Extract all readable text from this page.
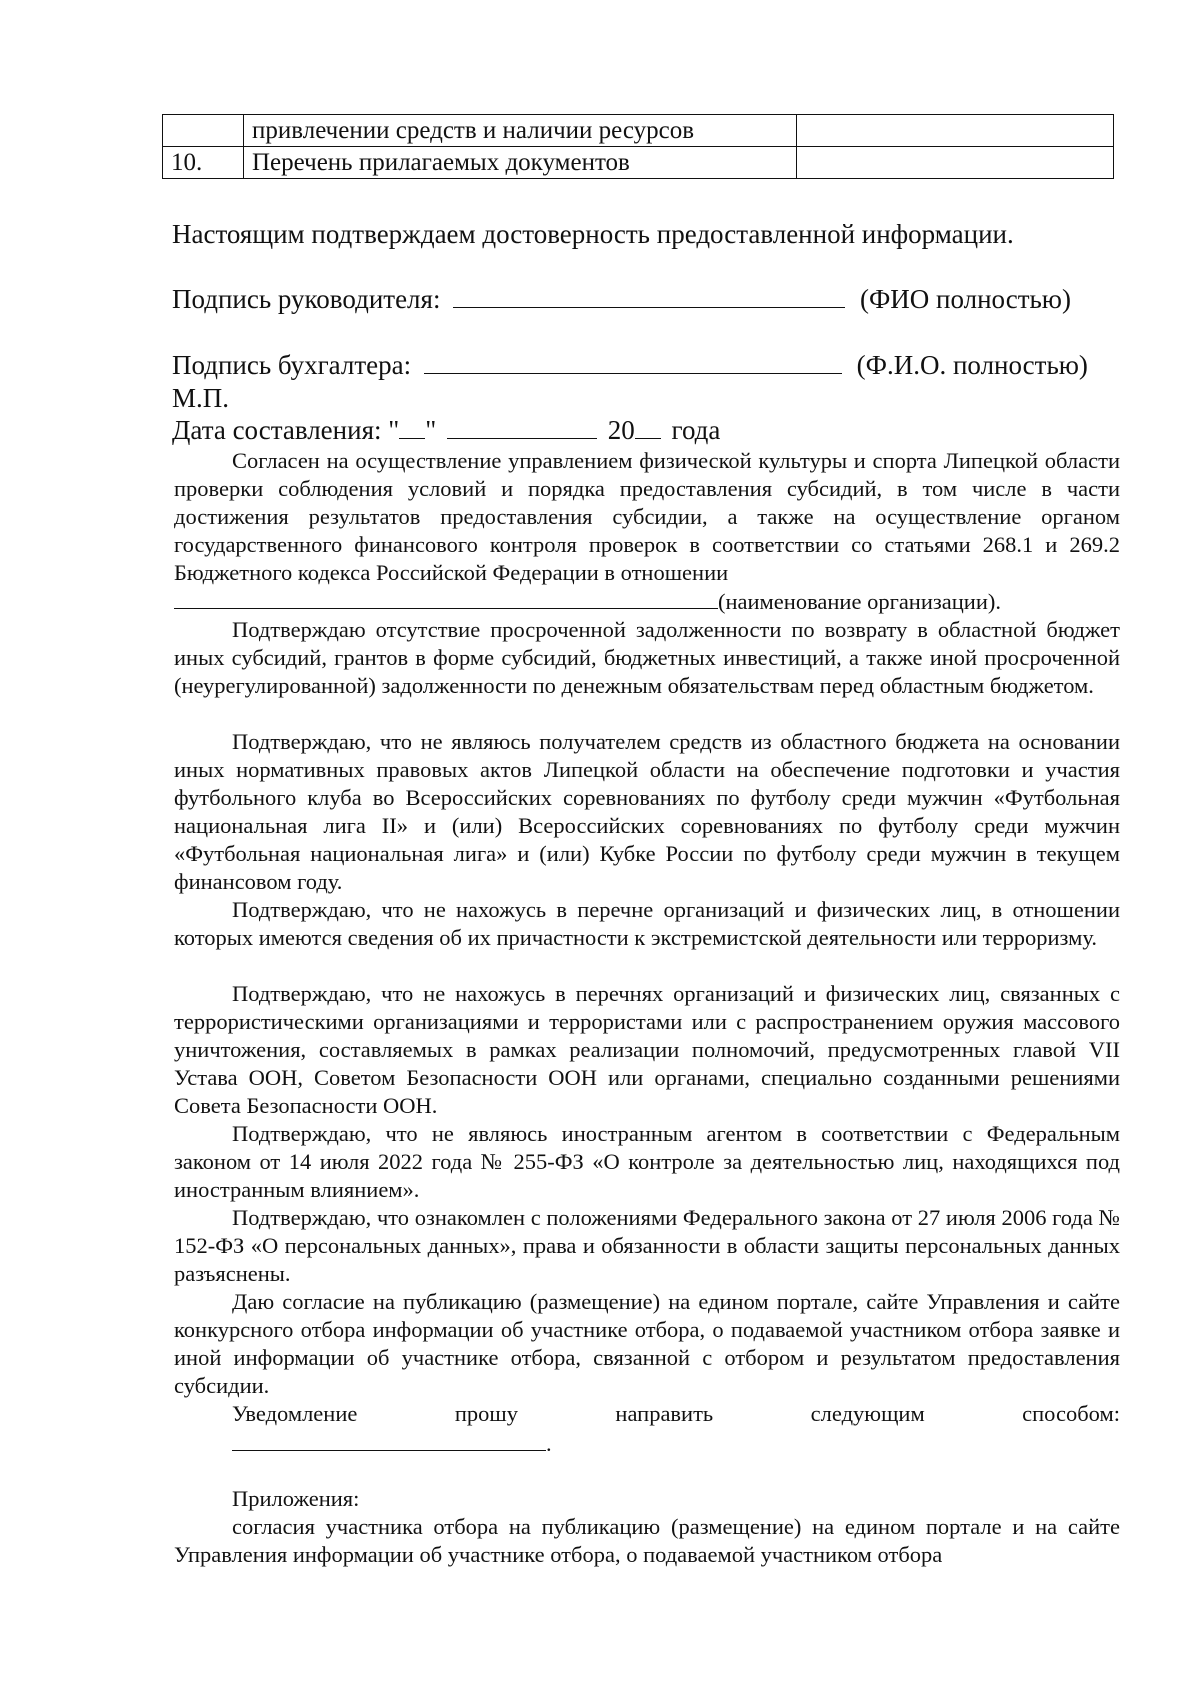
	привлечении средств и наличии ресурсов	
10.	Перечень прилагаемых документов	
Настоящим подтверждаем достоверность предоставленной информации.
Подпись руководителя:	(ФИО полностью)
Подпись бухгалтера:	(Ф.И.О. полностью)
М.П.
Дата составления: " "	20 года
Согласен на осуществление управлением физической культуры и спорта Липецкой области проверки соблюдения условий и порядка предоставления субсидий, в том числе в части достижения результатов предоставления субсидии, а также на осуществление органом государственного финансового контроля проверок в соответствии со статьями 268.1 и 269.2 Бюджетного кодекса Российской Федерации в отношении
(наименование организации).
Подтверждаю отсутствие просроченной задолженности по возврату в областной бюджет иных субсидий, грантов в форме субсидий, бюджетных инвестиций, а также иной просроченной (неурегулированной) задолженности по денежным обязательствам перед областным бюджетом.
Подтверждаю, что не являюсь получателем средств из областного бюджета на основании иных нормативных правовых актов Липецкой области на обеспечение подготовки и участия футбольного клуба во Всероссийских соревнованиях по футболу среди мужчин «Футбольная национальная лига II» и (или) Всероссийских соревнованиях по футболу среди мужчин «Футбольная национальная лига» и (или) Кубке России по футболу среди мужчин в текущем финансовом году.
Подтверждаю, что не нахожусь в перечне организаций и физических лиц, в отношении которых имеются сведения об их причастности к экстремистской деятельности или терроризму.
Подтверждаю, что не нахожусь в перечнях организаций и физических лиц, связанных с террористическими организациями и террористами или с распространением оружия массового уничтожения, составляемых в рамках реализации полномочий, предусмотренных главой VII Устава ООН, Советом Безопасности ООН или органами, специально созданными решениями Совета Безопасности ООН.
Подтверждаю, что не являюсь иностранным агентом в соответствии с Федеральным законом от 14 июля 2022 года № 255-ФЗ «О контроле за деятельностью лиц, находящихся под иностранным влиянием».
Подтверждаю, что ознакомлен с положениями Федерального закона от 27 июля 2006 года № 152-ФЗ «О персональных данных», права и обязанности в области защиты персональных данных разъяснены.
Даю согласие на публикацию (размещение) на едином портале, сайте Управления и сайте конкурсного отбора информации об участнике отбора, о подаваемой участником отбора заявке и иной информации об участнике отбора, связанной с отбором и результатом предоставления субсидии.
Уведомление прошу направить следующим способом:
.
Приложения:
согласия участника отбора на публикацию (размещение) на едином портале и на сайте Управления информации об участнике отбора, о подаваемой участником отбора
